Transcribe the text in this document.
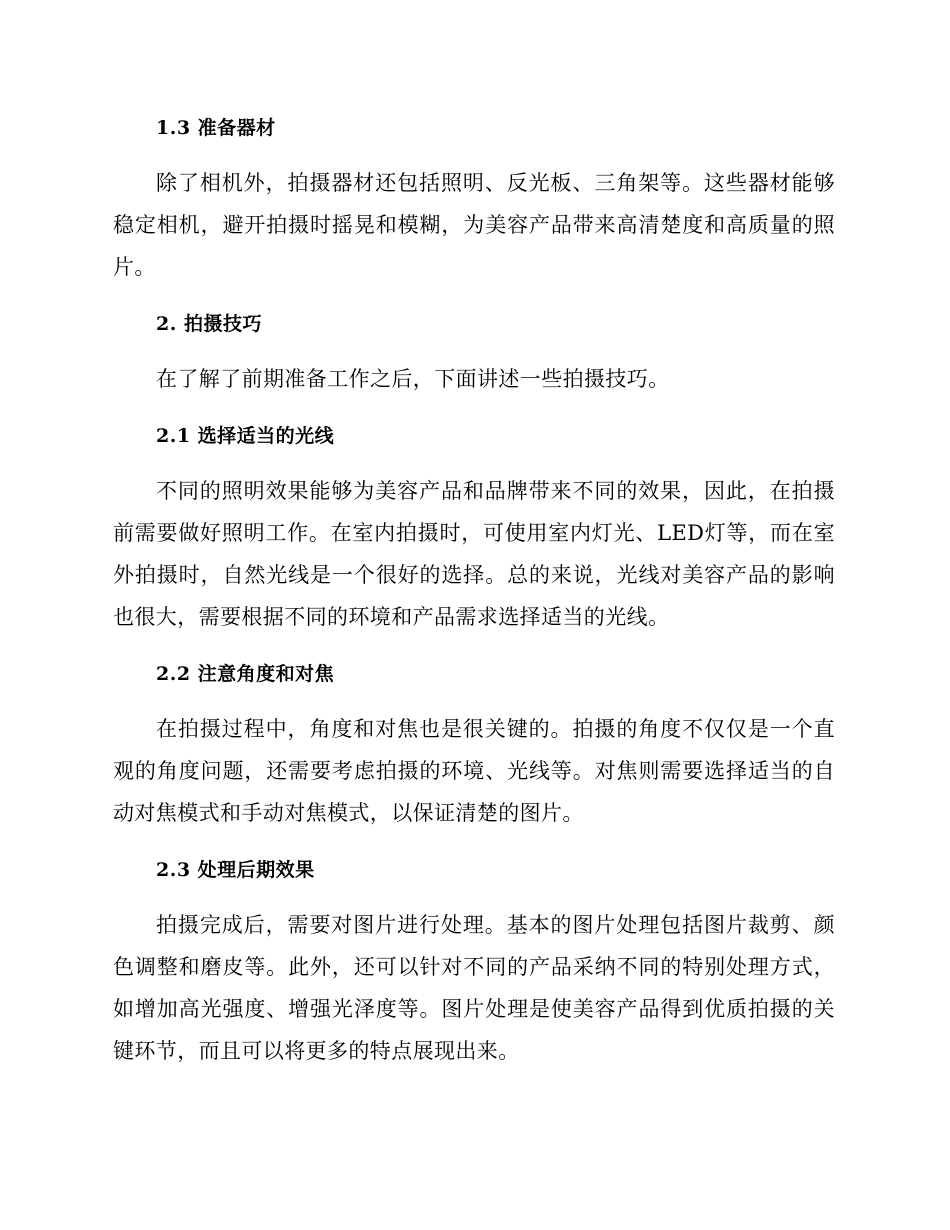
1.3 准备器材

除了相机外，拍摄器材还包括照明、反光板、三角架等。这些器材能够稳定相机，避开拍摄时摇晃和模糊，为美容产品带来高清楚度和高质量的照片。

2. 拍摄技巧

在了解了前期准备工作之后，下面讲述一些拍摄技巧。

2.1 选择适当的光线

不同的照明效果能够为美容产品和品牌带来不同的效果，因此，在拍摄前需要做好照明工作。在室内拍摄时，可使用室内灯光、LED灯等，而在室外拍摄时，自然光线是一个很好的选择。总的来说，光线对美容产品的影响也很大，需要根据不同的环境和产品需求选择适当的光线。

2.2 注意角度和对焦

在拍摄过程中，角度和对焦也是很关键的。拍摄的角度不仅仅是一个直观的角度问题，还需要考虑拍摄的环境、光线等。对焦则需要选择适当的自动对焦模式和手动对焦模式，以保证清楚的图片。

2.3 处理后期效果

拍摄完成后，需要对图片进行处理。基本的图片处理包括图片裁剪、颜色调整和磨皮等。此外，还可以针对不同的产品采纳不同的特别处理方式，如增加高光强度、增强光泽度等。图片处理是使美容产品得到优质拍摄的关键环节，而且可以将更多的特点展现出来。
